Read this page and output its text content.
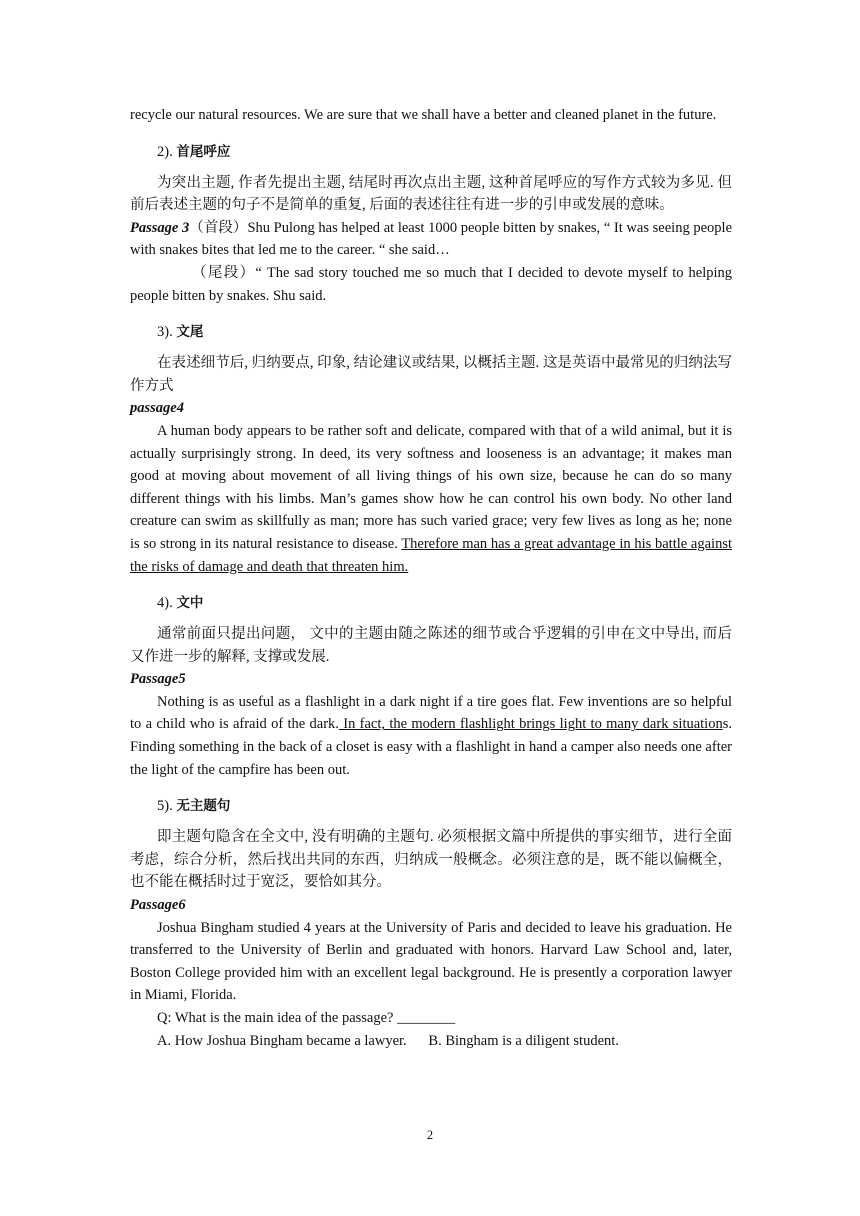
recycle our natural resources. We are sure that we shall have a better and cleaned planet in the future.

2). 首尾呼应

为突出主题, 作者先提出主题, 结尾时再次点出主题, 这种首尾呼应的写作方式较为多见. 但前后表述主题的句子不是简单的重复, 后面的表述往往有进一步的引申或发展的意味。

Passage 3（首段）Shu Pulong has helped at least 1000 people bitten by snakes, “ It was seeing people with snakes bites that led me to the career. “ she said…

（尾段）“ The sad story touched me so much that I decided to devote myself to helping people bitten by snakes. Shu said.

3). 文尾

在表述细节后, 归纳要点, 印象, 结论建议或结果, 以概括主题. 这是英语中最常见的归纳法写作方式

passage4

A human body appears to be rather soft and delicate, compared with that of a wild animal, but it is actually surprisingly strong. In deed, its very softness and looseness is an advantage; it makes man good at moving about movement of all living things of his own size, because he can do so many different things with his limbs. Man’s games show how he can control his own body. No other land creature can swim as skillfully as man; more has such varied grace; very few lives as long as he; none is so strong in its natural resistance to disease. Therefore man has a great advantage in his battle against the risks of damage and death that threaten him.

4). 文中

通常前面只提出问题， 文中的主题由随之陈述的细节或合乎逻辑的引申在文中导出, 而后又作进一步的解释, 支撑或发展.

Passage5

Nothing is as useful as a flashlight in a dark night if a tire goes flat. Few inventions are so helpful to a child who is afraid of the dark. In fact, the modern flashlight brings light to many dark situations. Finding something in the back of a closet is easy with a flashlight in hand a camper also needs one after the light of the campfire has been out.

5). 无主题句

即主题句隐含在全文中, 没有明确的主题句. 必须根据文篇中所提供的事实细节，进行全面考虑，综合分析，然后找出共同的东西，归纳成一般概念。必须注意的是，既不能以偏概全，也不能在概括时过于宽泛，要恰如其分。

Passage6

Joshua Bingham studied 4 years at the University of Paris and decided to leave his graduation. He transferred to the University of Berlin and graduated with honors. Harvard Law School and, later, Boston College provided him with an excellent legal background. He is presently a corporation lawyer in Miami, Florida.

Q: What is the main idea of the passage? ________

A. How Joshua Bingham became a lawyer. B. Bingham is a diligent student.

2
